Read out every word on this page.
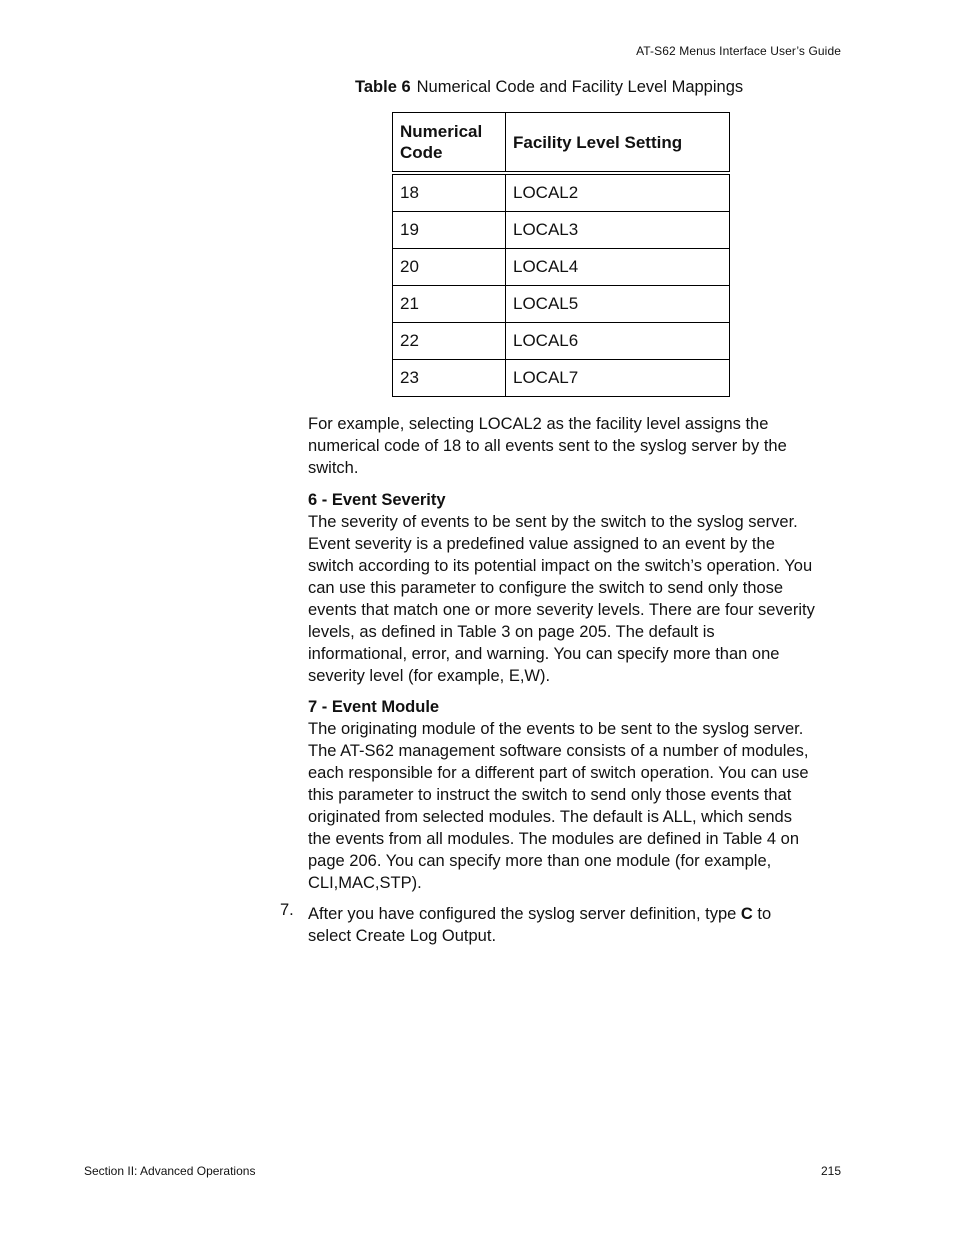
AT-S62 Menus Interface User’s Guide
Table 6 Numerical Code and Facility Level Mappings
Numerical Code	Facility Level Setting
18	LOCAL2
19	LOCAL3
20	LOCAL4
21	LOCAL5
22	LOCAL6
23	LOCAL7

For example, selecting LOCAL2 as the facility level assigns the numerical code of 18 to all events sent to the syslog server by the switch.

6 - Event Severity

The severity of events to be sent by the switch to the syslog server. Event severity is a predefined value assigned to an event by the switch according to its potential impact on the switch’s operation. You can use this parameter to configure the switch to send only those events that match one or more severity levels. There are four severity levels, as defined in Table 3 on page 205. The default is informational, error, and warning. You can specify more than one severity level (for example, E,W).

7 - Event Module

The originating module of the events to be sent to the syslog server. The AT-S62 management software consists of a number of modules, each responsible for a different part of switch operation. You can use this parameter to instruct the switch to send only those events that originated from selected modules. The default is ALL, which sends the events from all modules. The modules are defined in Table 4 on page 206. You can specify more than one module (for example, CLI,MAC,STP).

After you have configured the syslog server definition, type C to select Create Log Output.

7.
Section II: Advanced Operations	215
